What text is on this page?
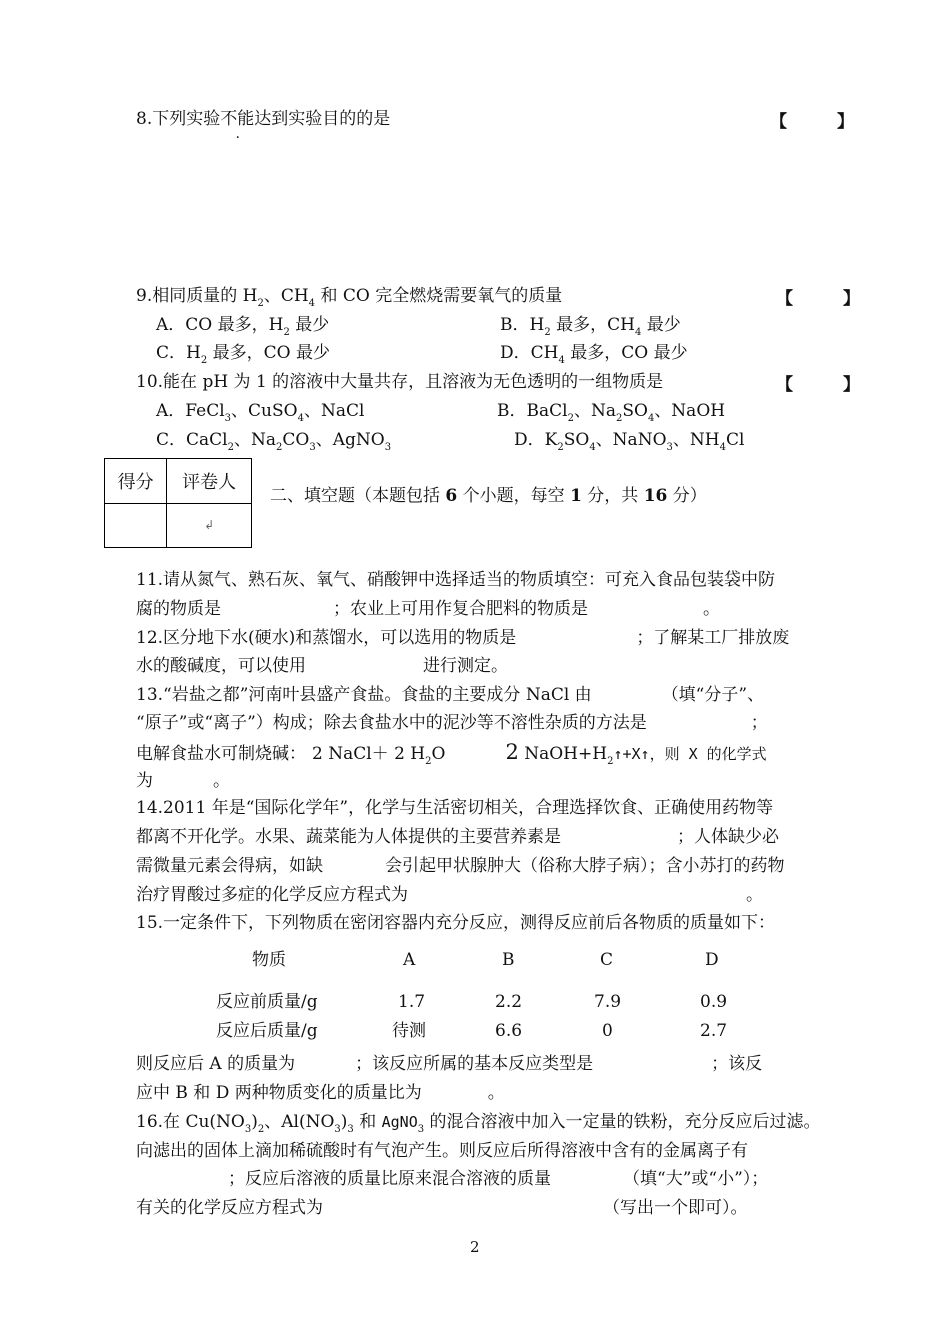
8.下列实验不能达到实验目的的是	【	】
9.相同质量的 $H_2$、$CH_4$ 和 CO 完全燃烧需要氧气的质量	【	】
A．CO 最多，$H_2$ 最少	B．$H_2$ 最多，$CH_4$ 最少
C．$H_2$ 最多，CO 最少	D．$CH_4$ 最多，CO 最少
10.能在 pH 为 1 的溶液中大量共存，且溶液为无色透明的一组物质是	【	】
A．FeCl$_3$、CuSO$_4$、NaCl	B．BaCl$_2$、$Na_2SO_4$、NaOH
C．CaCl$_2$、$Na_2CO_3$、AgNO$_3$	D．$K_2SO_4$、NaNO$_3$、$NH_4Cl$
得分	评卷人
	↲
二、填空题（本题包括 6 个小题，每空 1 分，共 16 分）
11.请从氮气、熟石灰、氧气、硝酸钾中选择适当的物质填空：可充入食品包装袋中防
腐的物质是	；农业上可用作复合肥料的物质是	。
12.区分地下水(硬水)和蒸馏水，可以选用的物质是	；了解某工厂排放废
水的酸碱度，可以使用	进行测定。
13.“岩盐之都”河南叶县盛产食盐。食盐的主要成分 NaCl 由	（填“分子”、
“原子”或“离子”）构成；除去食盐水中的泥沙等不溶性杂质的方法是	；
电解食盐水可制烧碱： 2 NaCl＋ 2 $H_2O$	2 $NaOH+H_2↑+X↑$，则 X 的化学式
为	。
14.2011 年是“国际化学年”，化学与生活密切相关，合理选择饮食、正确使用药物等
都离不开化学。水果、蔬菜能为人体提供的主要营养素是	；人体缺少必
需微量元素会得病，如缺	会引起甲状腺肿大（俗称大脖子病）；含小苏打的药物
治疗胃酸过多症的化学反应方程式为	。
15.一定条件下，下列物质在密闭容器内充分反应，测得反应前后各物质的质量如下：
物质	A	B	C	D
反应前质量/g	1.7	2.2	7.9	0.9
反应后质量/g	待测	6.6	0	2.7
则反应后 A 的质量为	；该反应所属的基本反应类型是	；该反
应中 B 和 D 两种物质变化的质量比为	。
16.在 $Cu(NO_3)_2$、$Al(NO_3)_3$ 和 AgNO$_3$ 的混合溶液中加入一定量的铁粉，充分反应后过滤。
向滤出的固体上滴加稀硫酸时有气泡产生。则反应后所得溶液中含有的金属离子有
；反应后溶液的质量比原来混合溶液的质量	（填“大”或“小”）；
有关的化学反应方程式为	（写出一个即可）。
2
